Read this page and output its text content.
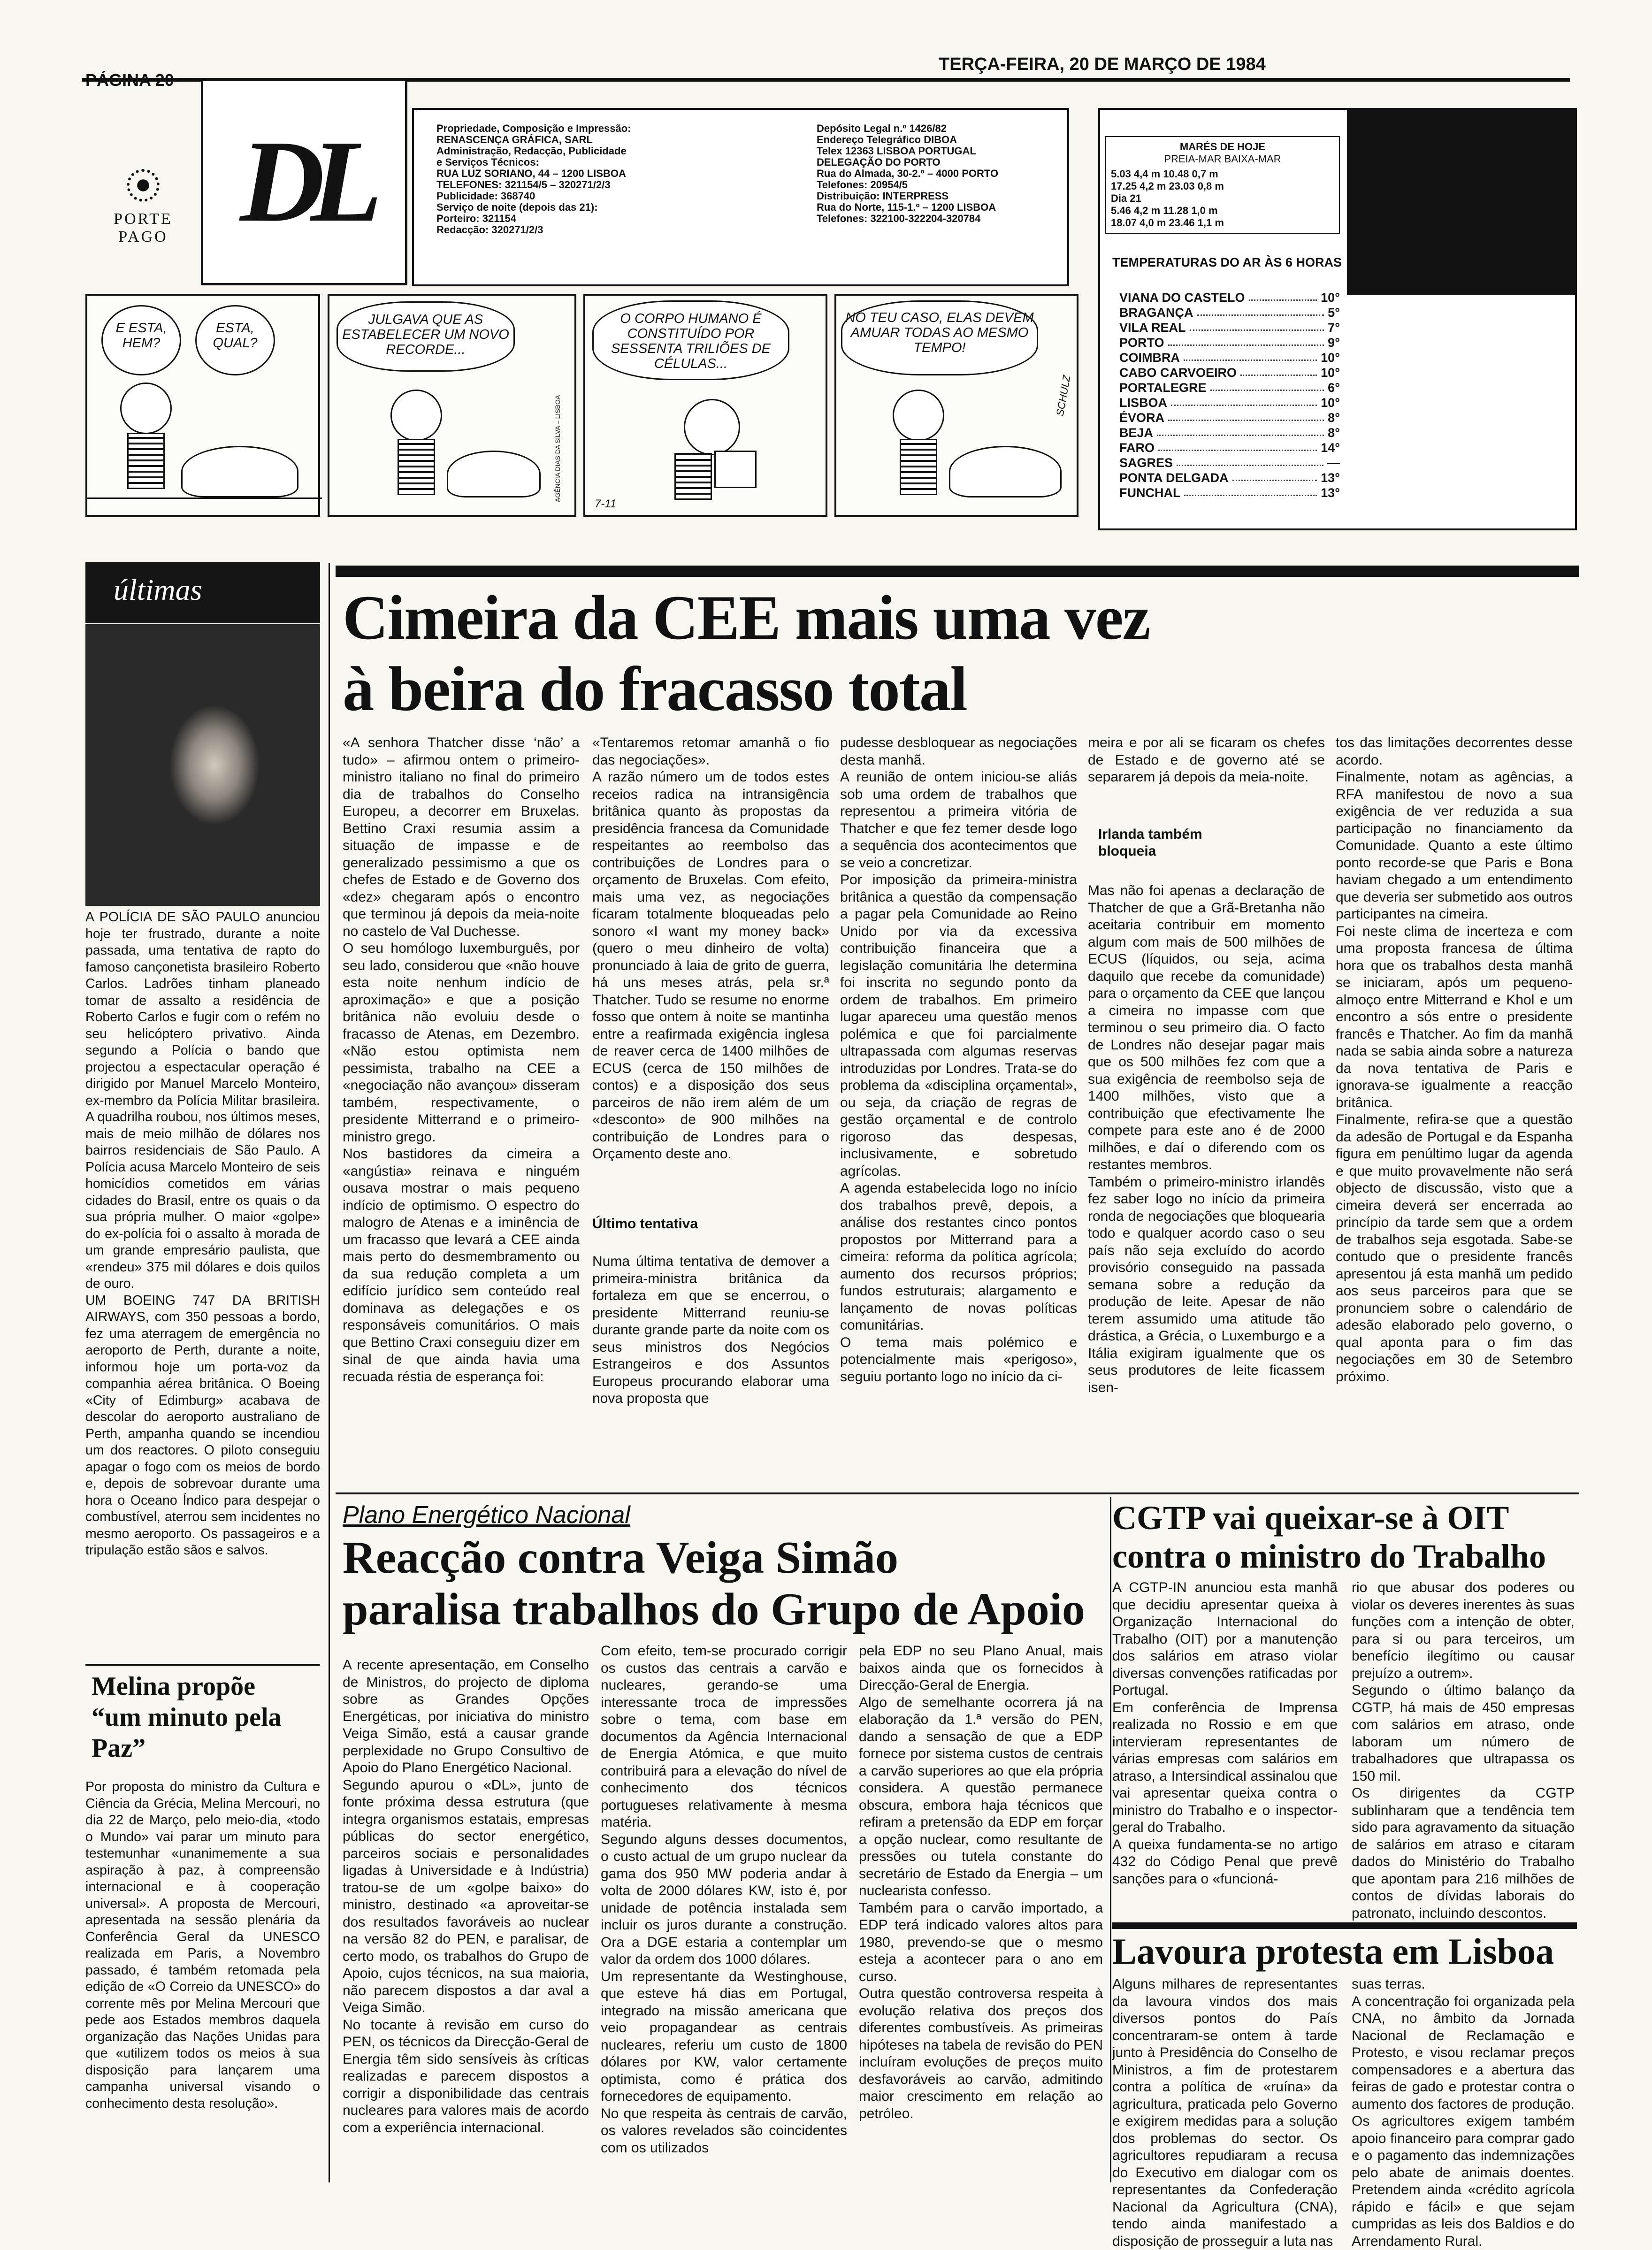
TERÇA-FEIRA, 20 DE MARÇO DE 1984
PORTE
PAGO DL	Propriedade, Composição e Impressão:
RENASCENÇA GRÁFICA, SARL
Administração, Redacção, Publicidade
e Serviços Técnicos:
RUA LUZ SORIANO, 44 – 1200 LISBOA
TELEFONES: 321154/5 – 320271/2/3
Publicidade: 368740
Serviço de noite (depois das 21):
Porteiro: 321154
Redacção: 320271/2/3
Depósito Legal n.º 1426/82
Endereço Telegráfico DIBOA
Telex 12363 LISBOA PORTUGAL
DELEGAÇÃO DO PORTO
Rua do Almada, 30-2.º – 4000 PORTO
Telefones: 20954/5
Distribuição: INTERPRESS
Rua do Norte, 115-1.º – 1200 LISBOA
Telefones: 322100-322204-320784
MARÉS DE HOJE
PREIA-MAR BAIXA-MAR
5.03 4,4 m 10.48 0,7 m
17.25 4,2 m 23.03 0,8 m
Dia 21
5.46 4,2 m 11.28 1,0 m
18.07 4,0 m 23.46 1,1 m
TEMPERATURAS DO AR ÀS 6 HORAS
VIANA DO CASTELO	10°
BRAGANÇA	5°
VILA REAL	7°
PORTO	9°
COIMBRA	10°
CABO CARVOEIRO	10°
PORTALEGRE	6°
LISBOA	10°
ÉVORA	8°
BEJA	8°
FARO	14°
SAGRES	—
PONTA DELGADA	13°
FUNCHAL	13°
E ESTA, HEM?
ESTA, QUAL?
JULGAVA QUE AS ESTABELECER UM NOVO RECORDE...
AGÊNCIA DIAS DA SILVA – LISBOA
O CORPO HUMANO É CONSTITUÍDO POR SESSENTA TRILIÕES DE CÉLULAS...
7-11
NO TEU CASO, ELAS DEVEM AMUAR TODAS AO MESMO TEMPO!
SCHULZ
últimas
A POLÍCIA DE SÃO PAULO anunciou hoje ter frustrado, durante a noite passada, uma tentativa de rapto do famoso cançonetista brasileiro Roberto Carlos. Ladrões tinham planeado tomar de assalto a residência de Roberto Carlos e fugir com o refém no seu helicóptero privativo. Ainda segundo a Polícia o bando que projectou a espectacular operação é dirigido por Manuel Marcelo Monteiro, ex-membro da Polícia Militar brasileira. A quadrilha roubou, nos últimos meses, mais de meio milhão de dólares nos bairros residenciais de São Paulo. A Polícia acusa Marcelo Monteiro de seis homicídios cometidos em várias cidades do Brasil, entre os quais o da sua própria mulher. O maior «golpe» do ex-polícia foi o assalto à morada de um grande empresário paulista, que «rendeu» 375 mil dólares e dois quilos de ouro.
UM BOEING 747 DA BRITISH AIRWAYS, com 350 pessoas a bordo, fez uma aterragem de emergência no aeroporto de Perth, durante a noite, informou hoje um porta-voz da companhia aérea britânica. O Boeing «City of Edimburg» acabava de descolar do aeroporto australiano de Perth, ampanha quando se incendiou um dos reactores. O piloto conseguiu apagar o fogo com os meios de bordo e, depois de sobrevoar durante uma hora o Oceano Índico para despejar o combustível, aterrou sem incidentes no mesmo aeroporto. Os passageiros e a tripulação estão sãos e salvos.
Melina propõe “um minuto pela Paz”
Por proposta do ministro da Cultura e Ciência da Grécia, Melina Mercouri, no dia 22 de Março, pelo meio-dia, «todo o Mundo» vai parar um minuto para testemunhar «unanimemente a sua aspiração à paz, à compreensão internacional e à cooperação universal». A proposta de Mercouri, apresentada na sessão plenária da Conferência Geral da UNESCO realizada em Paris, a Novembro passado, é também retomada pela edição de «O Correio da UNESCO» do corrente mês por Melina Mercouri que pede aos Estados membros daquela organização das Nações Unidas para que «utilizem todos os meios à sua disposição para lançarem uma campanha universal visando o conhecimento desta resolução».
Cimeira da CEE mais uma vez
à beira do fracasso total
«A senhora Thatcher disse ‘não’ a tudo» – afirmou ontem o primeiro-ministro italiano no final do primeiro dia de trabalhos do Conselho Europeu, a decorrer em Bruxelas. Bettino Craxi resumia assim a situação de impasse e de generalizado pessimismo a que os chefes de Estado e de Governo dos «dez» chegaram após o encontro que terminou já depois da meia-noite no castelo de Val Duchesse.
O seu homólogo luxemburguês, por seu lado, considerou que «não houve esta noite nenhum indício de aproximação» e que a posição britânica não evoluiu desde o fracasso de Atenas, em Dezembro. «Não estou optimista nem pessimista, trabalho na CEE a «negociação não avançou» disseram também, respectivamente, o presidente Mitterrand e o primeiro-ministro grego.
Nos bastidores da cimeira a «angústia» reinava e ninguém ousava mostrar o mais pequeno indício de optimismo. O espectro do malogro de Atenas e a iminência de um fracasso que levará a CEE ainda mais perto do desmembramento ou da sua redução completa a um edifício jurídico sem conteúdo real dominava as delegações e os responsáveis comunitários. O mais que Bettino Craxi conseguiu dizer em sinal de que ainda havia uma recuada réstia de esperança foi:
«Tentaremos retomar amanhã o fio das negociações».
A razão número um de todos estes receios radica na intransigência britânica quanto às propostas da presidência francesa da Comunidade respeitantes ao reembolso das contribuições de Londres para o orçamento de Bruxelas. Com efeito, mais uma vez, as negociações ficaram totalmente bloqueadas pelo sonoro «I want my money back» (quero o meu dinheiro de volta) pronunciado à laia de grito de guerra, há uns meses atrás, pela sr.ª Thatcher. Tudo se resume no enorme fosso que ontem à noite se mantinha entre a reafirmada exigência inglesa de reaver cerca de 1400 milhões de ECUS (cerca de 150 milhões de contos) e a disposição dos seus parceiros de não irem além de um «desconto» de 900 milhões na contribuição de Londres para o Orçamento deste ano.
Último tentativa
Numa última tentativa de demover a primeira-ministra britânica da fortaleza em que se encerrou, o presidente Mitterrand reuniu-se durante grande parte da noite com os seus ministros dos Negócios Estrangeiros e dos Assuntos Europeus procurando elaborar uma nova proposta que
pudesse desbloquear as negociações desta manhã.
A reunião de ontem iniciou-se aliás sob uma ordem de trabalhos que representou a primeira vitória de Thatcher e que fez temer desde logo a sequência dos acontecimentos que se veio a concretizar.
Por imposição da primeira-ministra britânica a questão da compensação a pagar pela Comunidade ao Reino Unido por via da excessiva contribuição financeira que a legislação comunitária lhe determina foi inscrita no segundo ponto da ordem de trabalhos. Em primeiro lugar apareceu uma questão menos polémica e que foi parcialmente ultrapassada com algumas reservas introduzidas por Londres. Trata-se do problema da «disciplina orçamental», ou seja, da criação de regras de gestão orçamental e de controlo rigoroso das despesas, inclusivamente, e sobretudo agrícolas.
A agenda estabelecida logo no início dos trabalhos prevê, depois, a análise dos restantes cinco pontos propostos por Mitterrand para a cimeira: reforma da política agrícola; aumento dos recursos próprios; fundos estruturais; alargamento e lançamento de novas políticas comunitárias.
O tema mais polémico e potencialmente mais «perigoso», seguiu portanto logo no início da ci-
meira e por ali se ficaram os chefes de Estado e de governo até se separarem já depois da meia-noite.
Irlanda também bloqueia
Mas não foi apenas a declaração de Thatcher de que a Grã-Bretanha não aceitaria contribuir em momento algum com mais de 500 milhões de ECUS (líquidos, ou seja, acima daquilo que recebe da comunidade) para o orçamento da CEE que lançou a cimeira no impasse com que terminou o seu primeiro dia. O facto de Londres não desejar pagar mais que os 500 milhões fez com que a sua exigência de reembolso seja de 1400 milhões, visto que a contribuição que efectivamente lhe compete para este ano é de 2000 milhões, e daí o diferendo com os restantes membros.
Também o primeiro-ministro irlandês fez saber logo no início da primeira ronda de negociações que bloquearia todo e qualquer acordo caso o seu país não seja excluído do acordo provisório conseguido na passada semana sobre a redução da produção de leite. Apesar de não terem assumido uma atitude tão drástica, a Grécia, o Luxemburgo e a Itália exigiram igualmente que os seus produtores de leite ficassem isen-
tos das limitações decorrentes desse acordo.
Finalmente, notam as agências, a RFA manifestou de novo a sua exigência de ver reduzida a sua participação no financiamento da Comunidade. Quanto a este último ponto recorde-se que Paris e Bona haviam chegado a um entendimento que deveria ser submetido aos outros participantes na cimeira.
Foi neste clima de incerteza e com uma proposta francesa de última hora que os trabalhos desta manhã se iniciaram, após um pequeno-almoço entre Mitterrand e Khol e um encontro a sós entre o presidente francês e Thatcher. Ao fim da manhã nada se sabia ainda sobre a natureza da nova tentativa de Paris e ignorava-se igualmente a reacção britânica.
Finalmente, refira-se que a questão da adesão de Portugal e da Espanha figura em penúltimo lugar da agenda e que muito provavelmente não será objecto de discussão, visto que a cimeira deverá ser encerrada ao princípio da tarde sem que a ordem de trabalhos seja esgotada. Sabe-se contudo que o presidente francês apresentou já esta manhã um pedido aos seus parceiros para que se pronunciem sobre o calendário de adesão elaborado pelo governo, o qual aponta para o fim das negociações em 30 de Setembro próximo.
Plano Energético Nacional
Reacção contra Veiga Simão
paralisa trabalhos do Grupo de Apoio
A recente apresentação, em Conselho de Ministros, do projecto de diploma sobre as Grandes Opções Energéticas, por iniciativa do ministro Veiga Simão, está a causar grande perplexidade no Grupo Consultivo de Apoio do Plano Energético Nacional.
Segundo apurou o «DL», junto de fonte próxima dessa estrutura (que integra organismos estatais, empresas públicas do sector energético, parceiros sociais e personalidades ligadas à Universidade e à Indústria) tratou-se de um «golpe baixo» do ministro, destinado «a aproveitar-se dos resultados favoráveis ao nuclear na versão 82 do PEN, e paralisar, de certo modo, os trabalhos do Grupo de Apoio, cujos técnicos, na sua maioria, não parecem dispostos a dar aval a Veiga Simão.
No tocante à revisão em curso do PEN, os técnicos da Direcção-Geral de Energia têm sido sensíveis às críticas realizadas e parecem dispostos a corrigir a disponibilidade das centrais nucleares para valores mais de acordo com a experiência internacional.
Com efeito, tem-se procurado corrigir os custos das centrais a carvão e nucleares, gerando-se uma interessante troca de impressões sobre o tema, com base em documentos da Agência Internacional de Energia Atómica, e que muito contribuirá para a elevação do nível de conhecimento dos técnicos portugueses relativamente à mesma matéria.
Segundo alguns desses documentos, o custo actual de um grupo nuclear da gama dos 950 MW poderia andar à volta de 2000 dólares KW, isto é, por unidade de potência instalada sem incluir os juros durante a construção. Ora a DGE estaria a contemplar um valor da ordem dos 1000 dólares.
Um representante da Westinghouse, que esteve há dias em Portugal, integrado na missão americana que veio propagandear as centrais nucleares, referiu um custo de 1800 dólares por KW, valor certamente optimista, como é prática dos fornecedores de equipamento.
No que respeita às centrais de carvão, os valores revelados são coincidentes com os utilizados
pela EDP no seu Plano Anual, mais baixos ainda que os fornecidos à Direcção-Geral de Energia.
Algo de semelhante ocorrera já na elaboração da 1.ª versão do PEN, dando a sensação de que a EDP fornece por sistema custos de centrais a carvão superiores ao que ela própria considera. A questão permanece obscura, embora haja técnicos que refiram a pretensão da EDP em forçar a opção nuclear, como resultante de pressões ou tutela constante do secretário de Estado da Energia – um nuclearista confesso.
Também para o carvão importado, a EDP terá indicado valores altos para 1980, prevendo-se que o mesmo esteja a acontecer para o ano em curso.
Outra questão controversa respeita à evolução relativa dos preços dos diferentes combustíveis. As primeiras hipóteses na tabela de revisão do PEN incluíram evoluções de preços muito desfavoráveis ao carvão, admitindo maior crescimento em relação ao petróleo.
CGTP vai queixar-se à OIT
contra o ministro do Trabalho
A CGTP-IN anunciou esta manhã que decidiu apresentar queixa à Organização Internacional do Trabalho (OIT) por a manutenção dos salários em atraso violar diversas convenções ratificadas por Portugal.
Em conferência de Imprensa realizada no Rossio e em que intervieram representantes de várias empresas com salários em atraso, a Intersindical assinalou que vai apresentar queixa contra o ministro do Trabalho e o inspector-geral do Trabalho.
A queixa fundamenta-se no artigo 432 do Código Penal que prevê sanções para o «funcioná-
rio que abusar dos poderes ou violar os deveres inerentes às suas funções com a intenção de obter, para si ou para terceiros, um benefício ilegítimo ou causar prejuízo a outrem».
Segundo o último balanço da CGTP, há mais de 450 empresas com salários em atraso, onde laboram um número de trabalhadores que ultrapassa os 150 mil.
Os dirigentes da CGTP sublinharam que a tendência tem sido para agravamento da situação de salários em atraso e citaram dados do Ministério do Trabalho que apontam para 216 milhões de contos de dívidas laborais do patronato, incluindo descontos.
Lavoura protesta em Lisboa
Alguns milhares de representantes da lavoura vindos dos mais diversos pontos do País concentraram-se ontem à tarde junto à Presidência do Conselho de Ministros, a fim de protestarem contra a política de «ruína» da agricultura, praticada pelo Governo e exigirem medidas para a solução dos problemas do sector. Os agricultores repudiaram a recusa do Executivo em dialogar com os representantes da Confederação Nacional da Agricultura (CNA), tendo ainda manifestado a disposição de prosseguir a luta nas
suas terras.
A concentração foi organizada pela CNA, no âmbito da Jornada Nacional de Reclamação e Protesto, e visou reclamar preços compensadores e a abertura das feiras de gado e protestar contra o aumento dos factores de produção. Os agricultores exigem também apoio financeiro para comprar gado e o pagamento das indemnizações pelo abate de animais doentes. Pretendem ainda «crédito agrícola rápido e fácil» e que sejam cumpridas as leis dos Baldios e do Arrendamento Rural.
